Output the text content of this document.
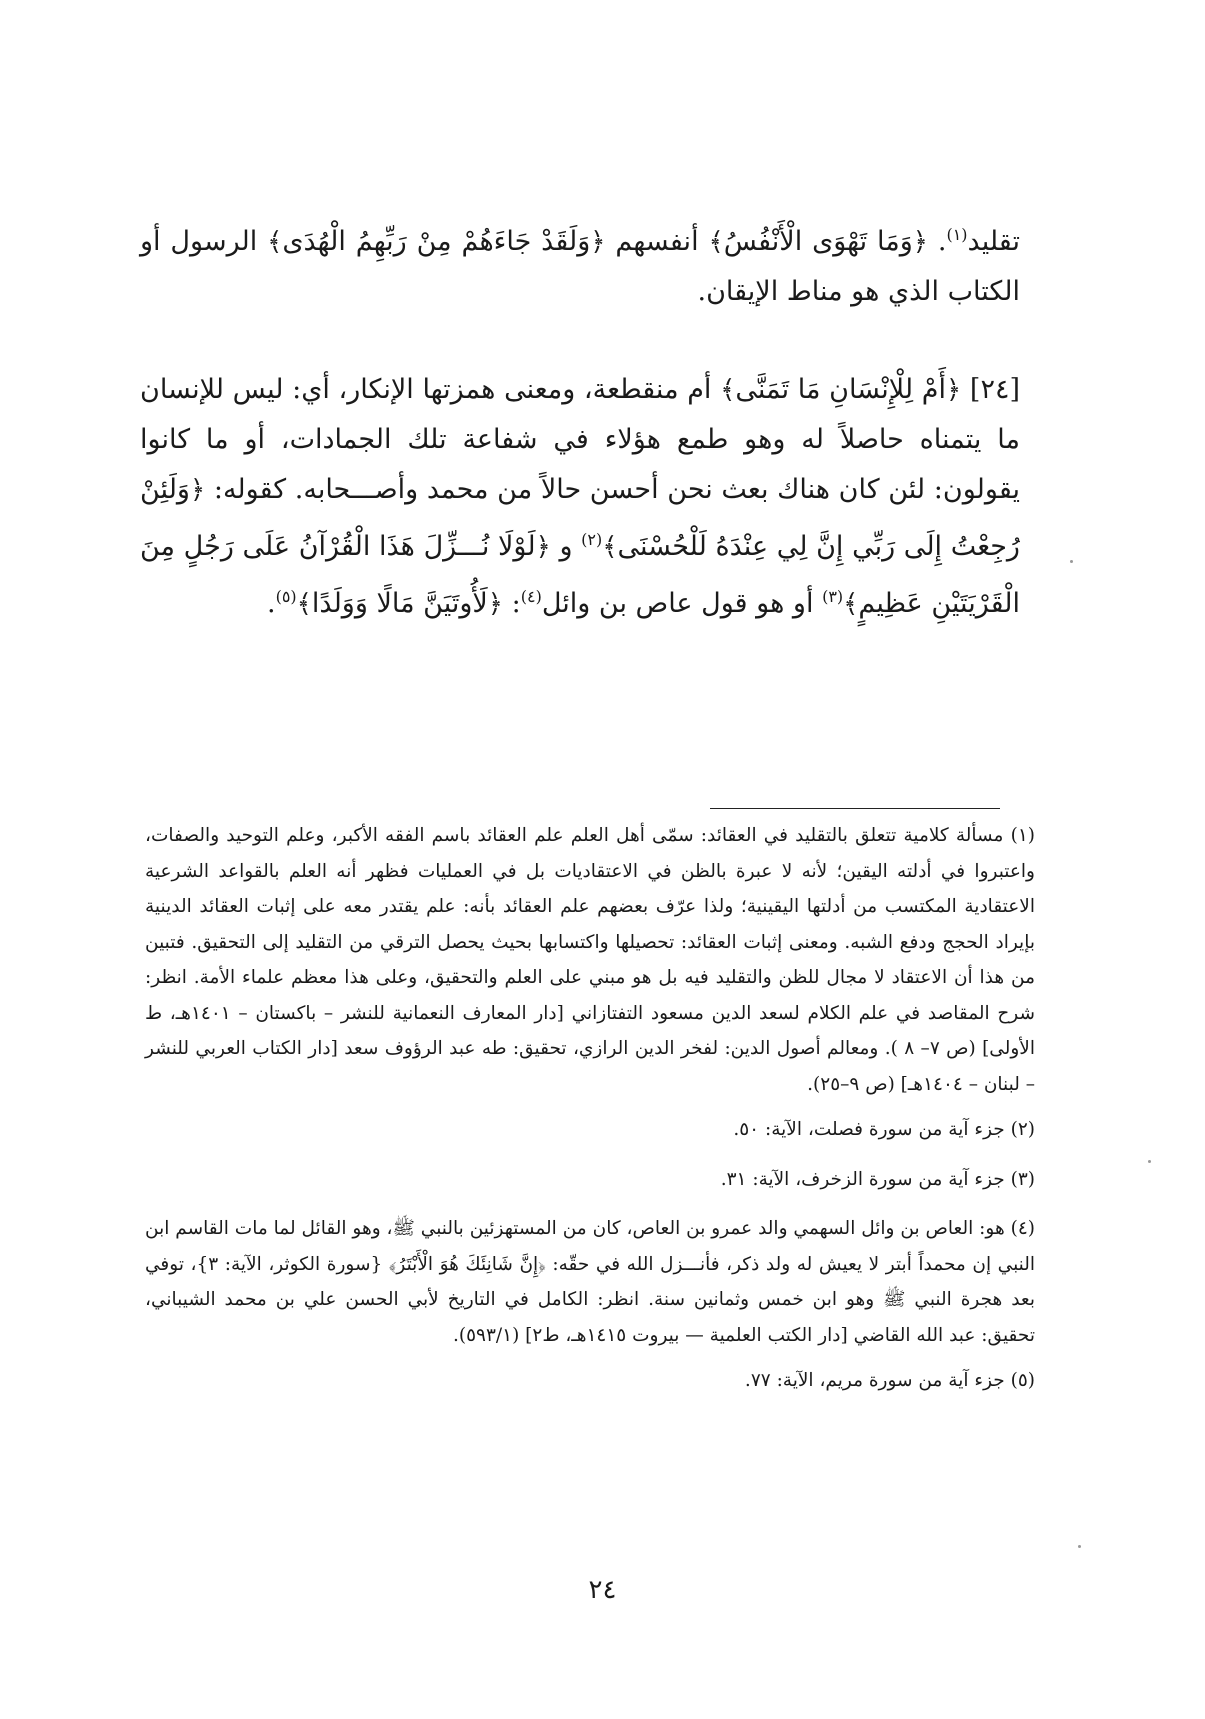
تقليد$^{(١)}$. ﴿وَمَا تَهْوَى الْأَنْفُسُ﴾ أنفسهم ﴿وَلَقَدْ جَاءَهُمْ مِنْ رَبِّهِمُ الْهُدَى﴾ الرسول أو الكتاب الذي هو مناط الإيقان.

[٢٤] ﴿أَمْ لِلْإِنْسَانِ مَا تَمَنَّى﴾ أم منقطعة، ومعنى همزتها الإنكار، أي: ليس للإنسان ما يتمناه حاصلاً له وهو طمع هؤلاء في شفاعة تلك الجمادات، أو ما كانوا يقولون: لئن كان هناك بعث نحن أحسن حالاً من محمد وأصـــحابه. كقوله: ﴿وَلَئِنْ رُجِعْتُ إِلَى رَبِّي إِنَّ لِي عِنْدَهُ لَلْحُسْنَى﴾$^{(٢)}$ و ﴿لَوْلَا نُـــزِّلَ هَذَا الْقُرْآنُ عَلَى رَجُلٍ مِنَ الْقَرْيَتَيْنِ عَظِيمٍ﴾$^{(٣)}$ أو هو قول عاص بن وائل$^{(٤)}$: ﴿لَأُوتَيَنَّ مَالًا وَوَلَدًا﴾$^{(٥)}$.

(١) مسألة كلامية تتعلق بالتقليد في العقائد: سمّى أهل العلم علم العقائد باسم الفقه الأكبر، وعلم التوحيد والصفات، واعتبروا في أدلته اليقين؛ لأنه لا عبرة بالظن في الاعتقاديات بل في العمليات فظهر أنه العلم بالقواعد الشرعية الاعتقادية المكتسب من أدلتها اليقينية؛ ولذا عرّف بعضهم علم العقائد بأنه: علم يقتدر معه على إثبات العقائد الدينية بإيراد الحجج ودفع الشبه. ومعنى إثبات العقائد: تحصيلها واكتسابها بحيث يحصل الترقي من التقليد إلى التحقيق. فتبين من هذا أن الاعتقاد لا مجال للظن والتقليد فيه بل هو مبني على العلم والتحقيق، وعلى هذا معظم علماء الأمة. انظر: شرح المقاصد في علم الكلام لسعد الدين مسعود التفتازاني [دار المعارف النعمانية للنشر – باكستان – ١٤٠١هـ، ط الأولى] (ص ٧– ٨ ). ومعالم أصول الدين: لفخر الدين الرازي، تحقيق: طه عبد الرؤوف سعد [دار الكتاب العربي للنشر – لبنان – ١٤٠٤هـ] (ص ٩–٢٥).

(٢) جزء آية من سورة فصلت، الآية: ٥٠.

(٣) جزء آية من سورة الزخرف، الآية: ٣١.

(٤) هو: العاص بن وائل السهمي والد عمرو بن العاص، كان من المستهزئين بالنبي ﷺ، وهو القائل لما مات القاسم ابن النبي إن محمداً أبتر لا يعيش له ولد ذكر، فأنـــزل الله في حقّه: ﴿إِنَّ شَانِئَكَ هُوَ الْأَبْتَرُ﴾ {سورة الكوثر، الآية: ٣}، توفي بعد هجرة النبي ﷺ وهو ابن خمس وثمانين سنة. انظر: الكامل في التاريخ لأبي الحسن علي بن محمد الشيباني، تحقيق: عبد الله القاضي [دار الكتب العلمية — بيروت ١٤١٥هـ، ط٢] (٥٩٣/١).

(٥) جزء آية من سورة مريم، الآية: ٧٧.

٢٤
